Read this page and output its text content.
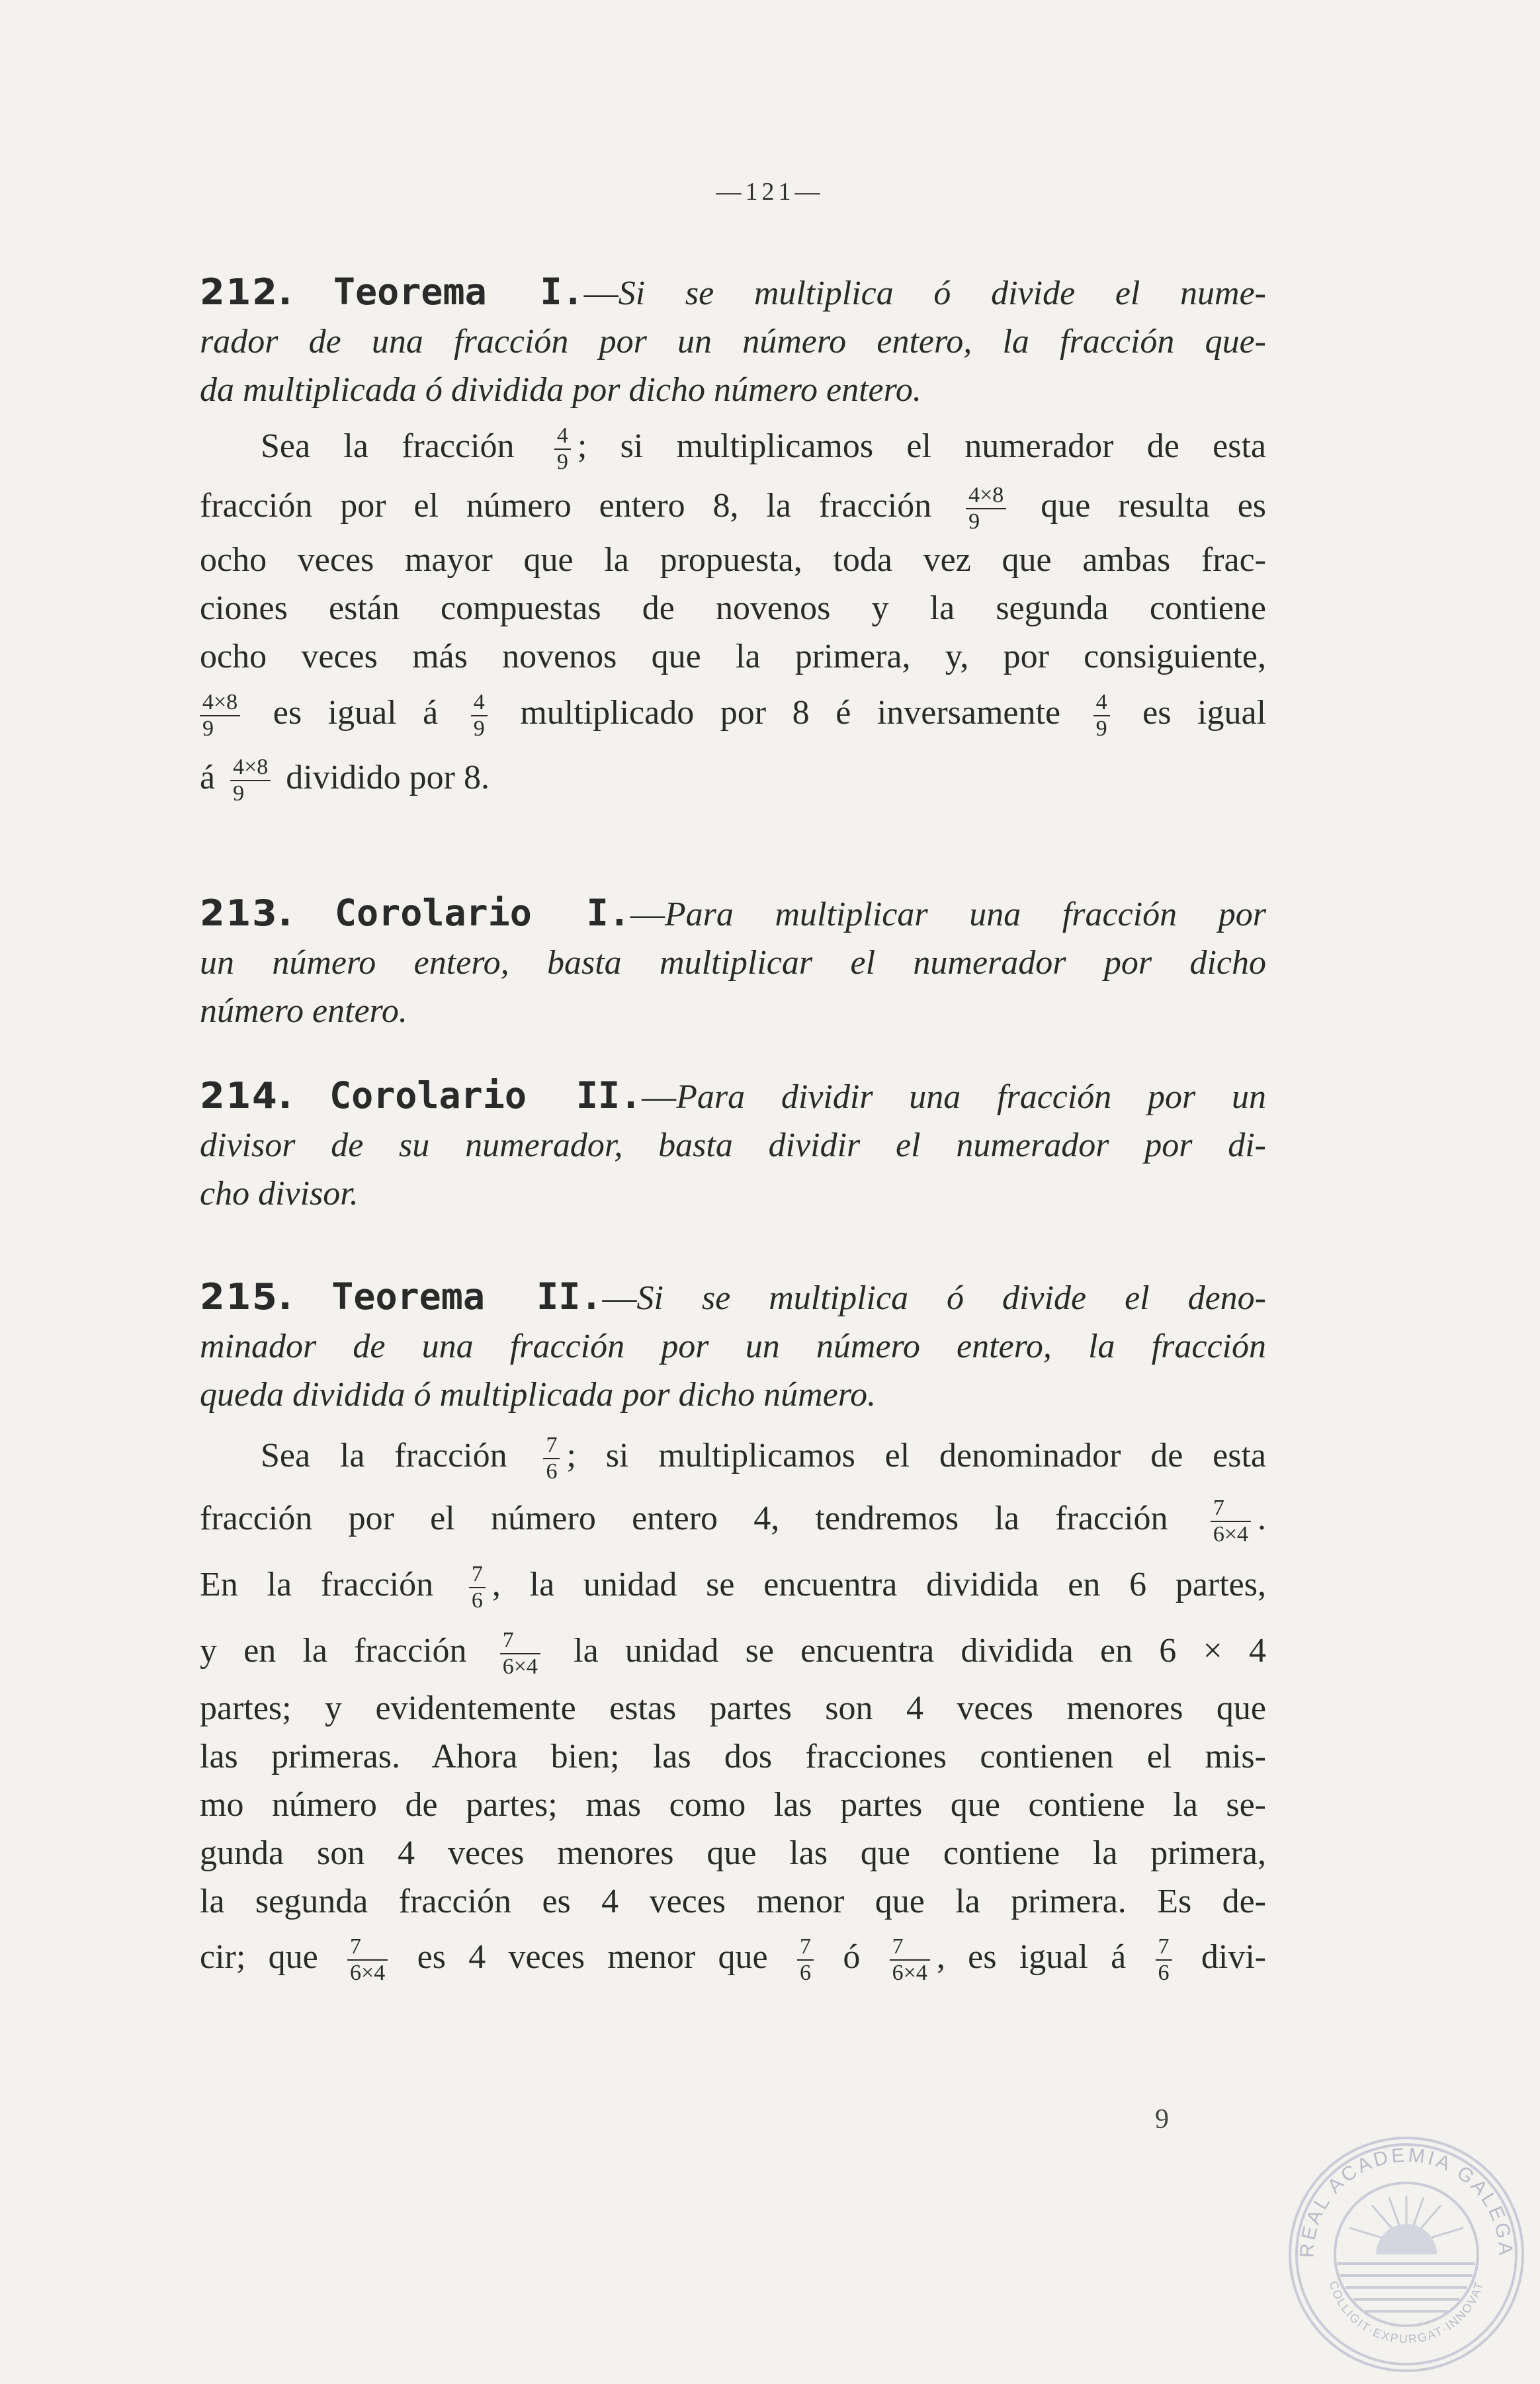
—121—
212. Teorema I.—Si se multiplica ó divide el nume-
rador de una fracción por un número entero, la fracción que-
da multiplicada ó dividida por dicho número entero.
Sea la fracción $\frac{4}{9}$ ; si multiplicamos el numerador de esta
fracción por el número entero 8, la fracción $\frac{4\times 8}{9}$ que resulta es
ocho veces mayor que la propuesta, toda vez que ambas frac-
ciones están compuestas de novenos y la segunda contiene
ocho veces más novenos que la primera, y, por consiguiente,
$\frac{4\times 8}{9}$ es igual á $\frac{4}{9}$ multiplicado por 8 é inversamente $\frac{4}{9}$ es igual
á $\frac{4\times 8}{9}$ dividido por 8.
213. Corolario I.—Para multiplicar una fracción por
un número entero, basta multiplicar el numerador por dicho
número entero.
214. Corolario II.—Para dividir una fracción por un
divisor de su numerador, basta dividir el numerador por di-
cho divisor.
215. Teorema II.—Si se multiplica ó divide el deno-
minador de una fracción por un número entero, la fracción
queda dividida ó multiplicada por dicho número.
Sea la fracción $\frac{7}{6}$ ; si multiplicamos el denominador de esta
fracción por el número entero 4, tendremos la fracción $\frac{7}{6\times 4}$ .
En la fracción $\frac{7}{6}$ , la unidad se encuentra dividida en 6 partes,
y en la fracción $\frac{7}{6\times 4}$ la unidad se encuentra dividida en 6 × 4
partes; y evidentemente estas partes son 4 veces menores que
las primeras. Ahora bien; las dos fracciones contienen el mis-
mo número de partes; mas como las partes que contiene la se-
gunda son 4 veces menores que las que contiene la primera,
la segunda fracción es 4 veces menor que la primera. Es de-
cir; que $\frac{7}{6\times 4}$ es 4 veces menor que $\frac{7}{6}$ ó $\frac{7}{6\times 4}$ , es igual á $\frac{7}{6}$ divi-
9
REAL ACADEMIA GALEGA
COLLIGIT·EXPURGAT·INNOVAT
